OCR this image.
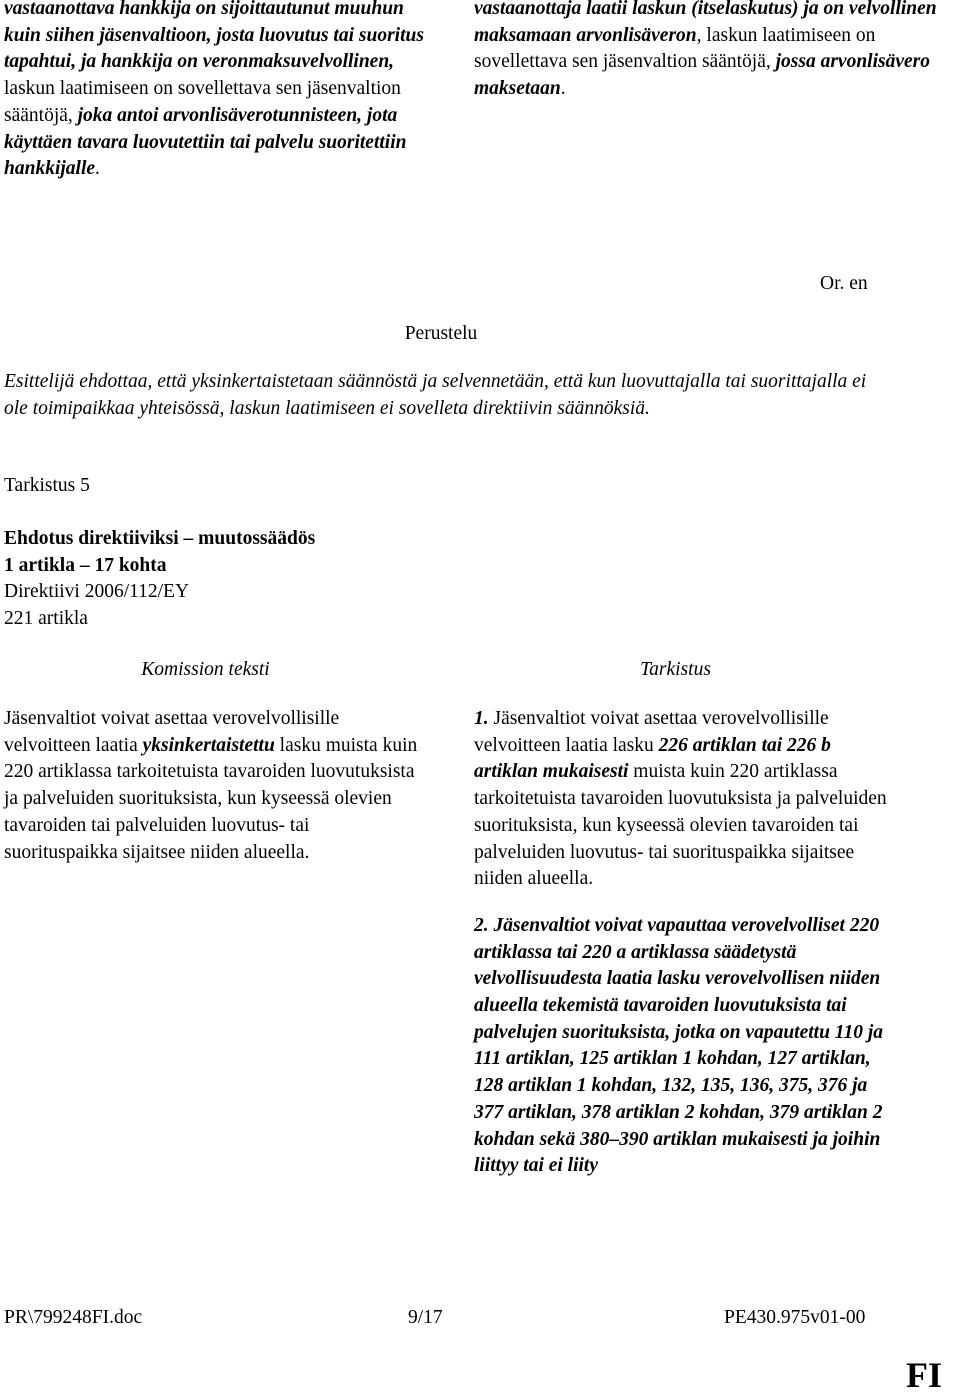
vastaanottava hankkija on sijoittautunut muuhun kuin siihen jäsenvaltioon, josta luovutus tai suoritus tapahtui, ja hankkija on veronmaksuvelvollinen, laskun laatimiseen on sovellettava sen jäsenvaltion sääntöjä, joka antoi arvonlisäverotunnisteen, jota käyttäen tavara luovutettiin tai palvelu suoritettiin hankkijalle.

vastaanottaja laatii laskun (itselaskutus) ja on velvollinen maksamaan arvonlisäveron, laskun laatimiseen on sovellettava sen jäsenvaltion sääntöjä, jossa arvonlisävero maksetaan.

Or. en
Perustelu
Esittelijä ehdottaa, että yksinkertaistetaan säännöstä ja selvennetään, että kun luovuttajalla tai suorittajalla ei ole toimipaikkaa yhteisössä, laskun laatimiseen ei sovelleta direktiivin säännöksiä.
Tarkistus 5
Ehdotus direktiiviksi – muutossäädös
1 artikla – 17 kohta
Direktiivi 2006/112/EY
221 artikla
Komission teksti	Tarkistus

Jäsenvaltiot voivat asettaa verovelvollisille velvoitteen laatia yksinkertaistettu lasku muista kuin 220 artiklassa tarkoitetuista tavaroiden luovutuksista ja palveluiden suorituksista, kun kyseessä olevien tavaroiden tai palveluiden luovutus- tai suorituspaikka sijaitsee niiden alueella.

1. Jäsenvaltiot voivat asettaa verovelvollisille velvoitteen laatia lasku 226 artiklan tai 226 b artiklan mukaisesti muista kuin 220 artiklassa tarkoitetuista tavaroiden luovutuksista ja palveluiden suorituksista, kun kyseessä olevien tavaroiden tai palveluiden luovutus- tai suorituspaikka sijaitsee niiden alueella.

2. Jäsenvaltiot voivat vapauttaa verovelvolliset 220 artiklassa tai 220 a artiklassa säädetystä velvollisuudesta laatia lasku verovelvollisen niiden alueella tekemistä tavaroiden luovutuksista tai palvelujen suorituksista, jotka on vapautettu 110 ja 111 artiklan, 125 artiklan 1 kohdan, 127 artiklan, 128 artiklan 1 kohdan, 132, 135, 136, 375, 376 ja 377 artiklan, 378 artiklan 2 kohdan, 379 artiklan 2 kohdan sekä 380–390 artiklan mukaisesti ja joihin liittyy tai ei liity

PR\799248FI.doc	9/17	PE430.975v01-00
FI
